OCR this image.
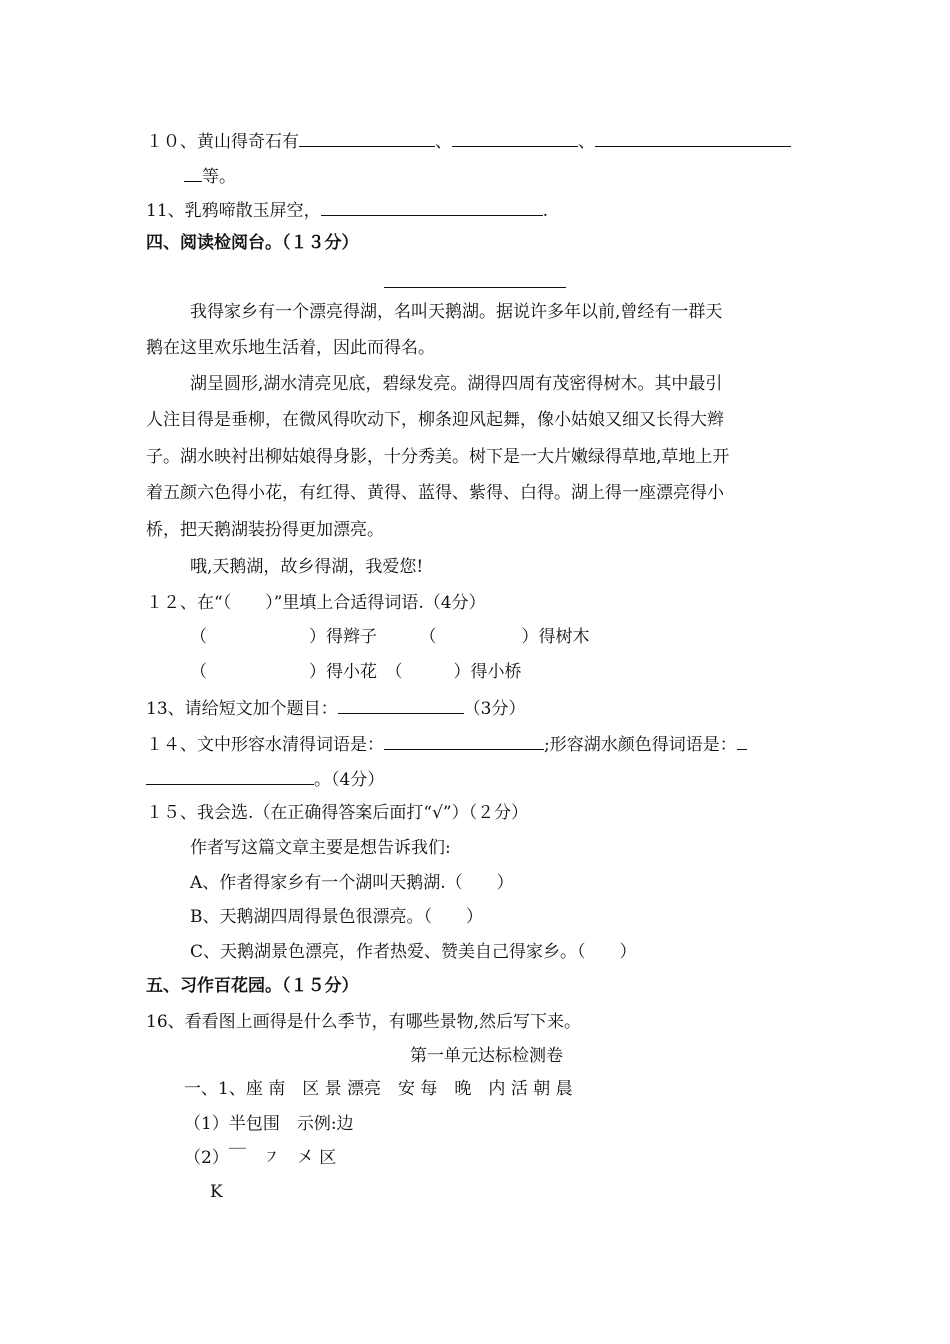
１０、黄山得奇石有	、	、
等。
11、乳鸦啼散玉屏空，	.
四、阅读检阅台。（１３分）
我得家乡有一个漂亮得湖，名叫天鹅湖。据说许多年以前,曾经有一群天
鹅在这里欢乐地生活着，因此而得名。
湖呈圆形,湖水清亮见底，碧绿发亮。湖得四周有茂密得树木。其中最引
人注目得是垂柳，在微风得吹动下，柳条迎风起舞，像小姑娘又细又长得大辫
子。湖水映衬出柳姑娘得身影，十分秀美。树下是一大片嫩绿得草地,草地上开
着五颜六色得小花，有红得、黄得、蓝得、紫得、白得。湖上得一座漂亮得小
桥，把天鹅湖装扮得更加漂亮。
哦,天鹅湖，故乡得湖，我爱您!
１２、在“（　　）”里填上合适得词语.（4分）
（　　　　　　）得辫子　　　（　　　　　）得树木
（　　　　　　）得小花　（　　　）得小桥
13、请给短文加个题目：	（3分）
１４、文中形容水清得词语是：	;形容湖水颜色得词语是：
。（4分）
１５、我会选.（在正确得答案后面打“√”）（２分）
作者写这篇文章主要是想告诉我们:
A、作者得家乡有一个湖叫天鹅湖.（　　）
B、天鹅湖四周得景色很漂亮。（　　）
C、天鹅湖景色漂亮，作者热爱、赞美自己得家乡。（　　）
五、习作百花园。（１５分）
16、看看图上画得是什么季节，有哪些景物,然后写下来。
第一单元达标检测卷
一、1、座 南　区 景 漂亮　安 每　晚　内 活 朝 晨
（1）半包围　示例:边
（2）￣　㇇　㐅 区
K
